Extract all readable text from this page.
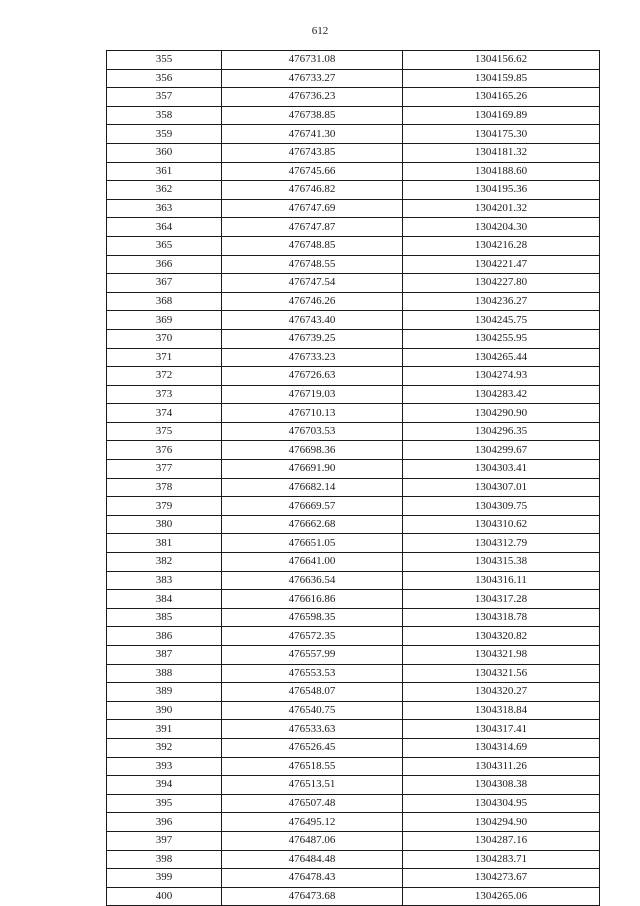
612
355	476731.08	1304156.62
356	476733.27	1304159.85
357	476736.23	1304165.26
358	476738.85	1304169.89
359	476741.30	1304175.30
360	476743.85	1304181.32
361	476745.66	1304188.60
362	476746.82	1304195.36
363	476747.69	1304201.32
364	476747.87	1304204.30
365	476748.85	1304216.28
366	476748.55	1304221.47
367	476747.54	1304227.80
368	476746.26	1304236.27
369	476743.40	1304245.75
370	476739.25	1304255.95
371	476733.23	1304265.44
372	476726.63	1304274.93
373	476719.03	1304283.42
374	476710.13	1304290.90
375	476703.53	1304296.35
376	476698.36	1304299.67
377	476691.90	1304303.41
378	476682.14	1304307.01
379	476669.57	1304309.75
380	476662.68	1304310.62
381	476651.05	1304312.79
382	476641.00	1304315.38
383	476636.54	1304316.11
384	476616.86	1304317.28
385	476598.35	1304318.78
386	476572.35	1304320.82
387	476557.99	1304321.98
388	476553.53	1304321.56
389	476548.07	1304320.27
390	476540.75	1304318.84
391	476533.63	1304317.41
392	476526.45	1304314.69
393	476518.55	1304311.26
394	476513.51	1304308.38
395	476507.48	1304304.95
396	476495.12	1304294.90
397	476487.06	1304287.16
398	476484.48	1304283.71
399	476478.43	1304273.67
400	476473.68	1304265.06
